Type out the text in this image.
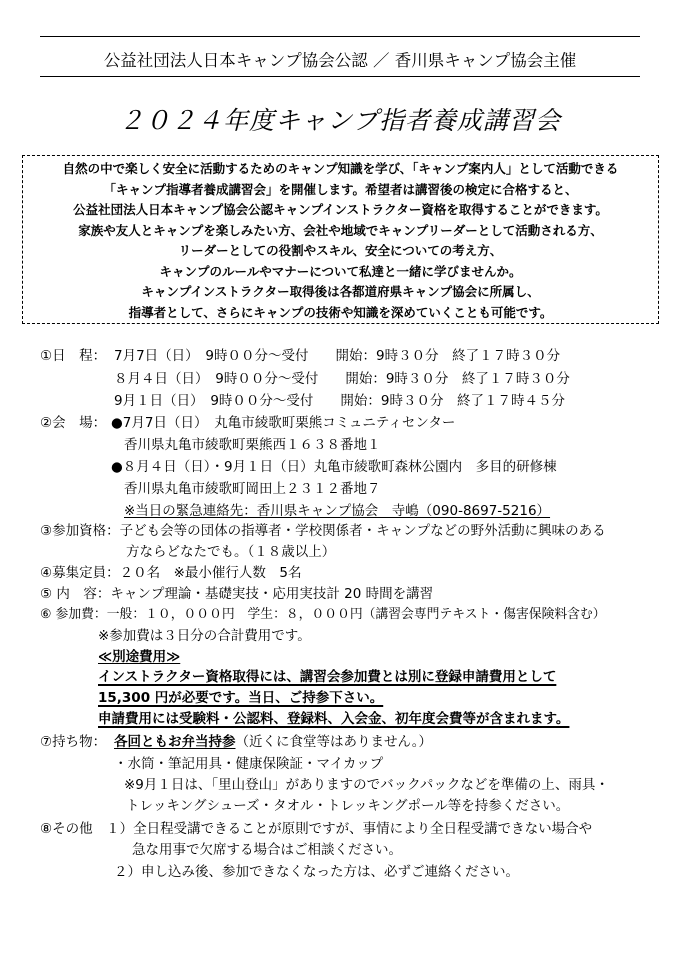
公益社団法人日本キャンプ協会公認 ／ 香川県キャンプ協会主催
２０２４年度キャンプ指者養成講習会
自然の中で楽しく安全に活動するためのキャンプ知識を学び、「キャンプ案内人」として活動できる
「キャンプ指導者養成講習会」を開催します。希望者は講習後の検定に合格すると、
公益社団法人日本キャンプ協会公認キャンプインストラクター資格を取得することができます。
家族や友人とキャンプを楽しみたい方、会社や地域でキャンプリーダーとして活動される方、
リーダーとしての役割やスキル、安全についての考え方、
キャンプのルールやマナーについて私達と一緒に学びませんか。
キャンプインストラクター取得後は各都道府県キャンプ協会に所属し、
指導者として、さらにキャンプの技術や知識を深めていくことも可能です。
①日　程： 7月7日（日）　9時００分～受付　　開始：9時３０分　終了１７時３０分
８月４日（日）　9時００分～受付　　開始：9時３０分　終了１７時３０分
9月１日（日）　9時００分～受付　　開始：9時３０分　終了１７時４５分
②会　場： ●7月7日（日）　丸亀市綾歌町栗熊コミュニティセンター
香川県丸亀市綾歌町栗熊西１６３８番地１
●８月４日（日）・9月１日（日）丸亀市綾歌町森林公園内　多目的研修棟
香川県丸亀市綾歌町岡田上２３１２番地７
※当日の緊急連絡先：香川県キャンプ協会　寺嶋（090-8697-5216）
③参加資格：子ども会等の団体の指導者・学校関係者・キャンプなどの野外活動に興味のある
方ならどなたでも。（１８歳以上）
④募集定員：２０名　※最小催行人数　5名
⑤ 内　容：キャンプ理論・基礎実技・応用実技計 20 時間を講習
⑥ 参加費：一般：１０，０００円　学生：８，０００円（講習会専門テキスト・傷害保険料含む）
※参加費は３日分の合計費用です。
≪別途費用≫
インストラクター資格取得には、講習会参加費とは別に登録申請費用として
15,300 円が必要です。当日、ご持参下さい。
申請費用には受験料・公認料、登録料、入会金、初年度会費等が含まれます。
⑦持ち物： 各回ともお弁当持参（近くに食堂等はありません。）
・水筒・筆記用具・健康保険証・マイカップ
※9月１日は、「里山登山」がありますのでバックパックなどを準備の上、雨具・
トレッキングシューズ・タオル・トレッキングポール等を持参ください。
⑧その他　１）全日程受講できることが原則ですが、事情により全日程受講できない場合や
急な用事で欠席する場合はご相談ください。
２）申し込み後、参加できなくなった方は、必ずご連絡ください。
